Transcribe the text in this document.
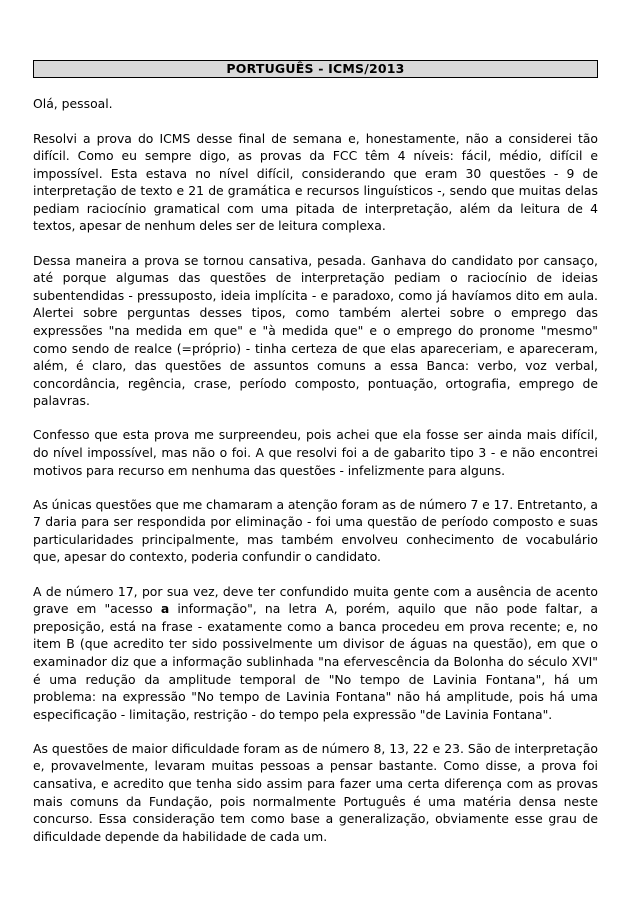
PORTUGUÊS - ICMS/2013
Olá, pessoal.

Resolvi a prova do ICMS desse final de semana e, honestamente, não a considerei tão difícil. Como eu sempre digo, as provas da FCC têm 4 níveis: fácil, médio, difícil e impossível. Esta estava no nível difícil, considerando que eram 30 questões - 9 de interpretação de texto e 21 de gramática e recursos linguísticos -, sendo que muitas delas pediam raciocínio gramatical com uma pitada de interpretação, além da leitura de 4 textos, apesar de nenhum deles ser de leitura complexa.

Dessa maneira a prova se tornou cansativa, pesada. Ganhava do candidato por cansaço, até porque algumas das questões de interpretação pediam o raciocínio de ideias subentendidas - pressuposto, ideia implícita - e paradoxo, como já havíamos dito em aula. Alertei sobre perguntas desses tipos, como também alertei sobre o emprego das expressões "na medida em que" e "à medida que" e o emprego do pronome "mesmo" como sendo de realce (=próprio) - tinha certeza de que elas apareceriam, e apareceram, além, é claro, das questões de assuntos comuns a essa Banca: verbo, voz verbal, concordância, regência, crase, período composto, pontuação, ortografia, emprego de palavras.

Confesso que esta prova me surpreendeu, pois achei que ela fosse ser ainda mais difícil, do nível impossível, mas não o foi. A que resolvi foi a de gabarito tipo 3 - e não encontrei motivos para recurso em nenhuma das questões - infelizmente para alguns.

As únicas questões que me chamaram a atenção foram as de número 7 e 17. Entretanto, a 7 daria para ser respondida por eliminação - foi uma questão de período composto e suas particularidades principalmente, mas também envolveu conhecimento de vocabulário que, apesar do contexto, poderia confundir o candidato.

A de número 17, por sua vez, deve ter confundido muita gente com a ausência de acento grave em "acesso a informação", na letra A, porém, aquilo que não pode faltar, a preposição, está na frase - exatamente como a banca procedeu em prova recente; e, no item B (que acredito ter sido possivelmente um divisor de águas na questão), em que o examinador diz que a informação sublinhada "na efervescência da Bolonha do século XVI" é uma redução da amplitude temporal de "No tempo de Lavinia Fontana", há um problema: na expressão "No tempo de Lavinia Fontana" não há amplitude, pois há uma especificação - limitação, restrição - do tempo pela expressão "de Lavinia Fontana".

As questões de maior dificuldade foram as de número 8, 13, 22 e 23. São de interpretação e, provavelmente, levaram muitas pessoas a pensar bastante. Como disse, a prova foi cansativa, e acredito que tenha sido assim para fazer uma certa diferença com as provas mais comuns da Fundação, pois normalmente Português é uma matéria densa neste concurso. Essa consideração tem como base a generalização, obviamente esse grau de dificuldade depende da habilidade de cada um.
